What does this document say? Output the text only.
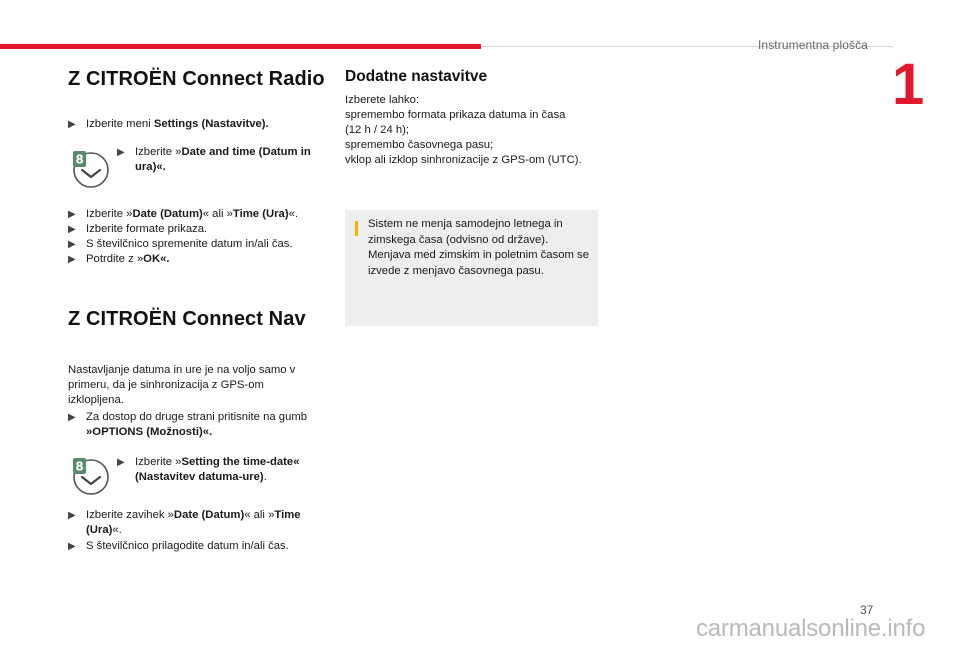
Instrumentna plošča
1
Z CITROËN Connect Radio
▶ Izberite meni Settings (Nastavitve).
8	▶ Izberite »Date and time (Datum in ura)«.
▶ Izberite »Date (Datum)« ali »Time (Ura)«.
▶ Izberite formate prikaza.
▶ S številčnico spremenite datum in/ali čas.
▶ Potrdite z »OK«.
Z CITROËN Connect Nav
Nastavljanje datuma in ure je na voljo samo v primeru, da je sinhronizacija z GPS-om izklopljena.
▶ Za dostop do druge strani pritisnite na gumb »OPTIONS (Možnosti)«.
8	▶ Izberite »Setting the time-date« (Nastavitev datuma-ure).
▶ Izberite zavihek »Date (Datum)« ali »Time (Ura)«.
▶ S številčnico prilagodite datum in/ali čas.
Dodatne nastavitve
Izberete lahko:
spremembo formata prikaza datuma in časa
(12 h / 24 h);
spremembo časovnega pasu;
vklop ali izklop sinhronizacije z GPS-om (UTC).
Sistem ne menja samodejno letnega in zimskega časa (odvisno od države). Menjava med zimskim in poletnim časom se izvede z menjavo časovnega pasu.
37
carmanualsonline.info
